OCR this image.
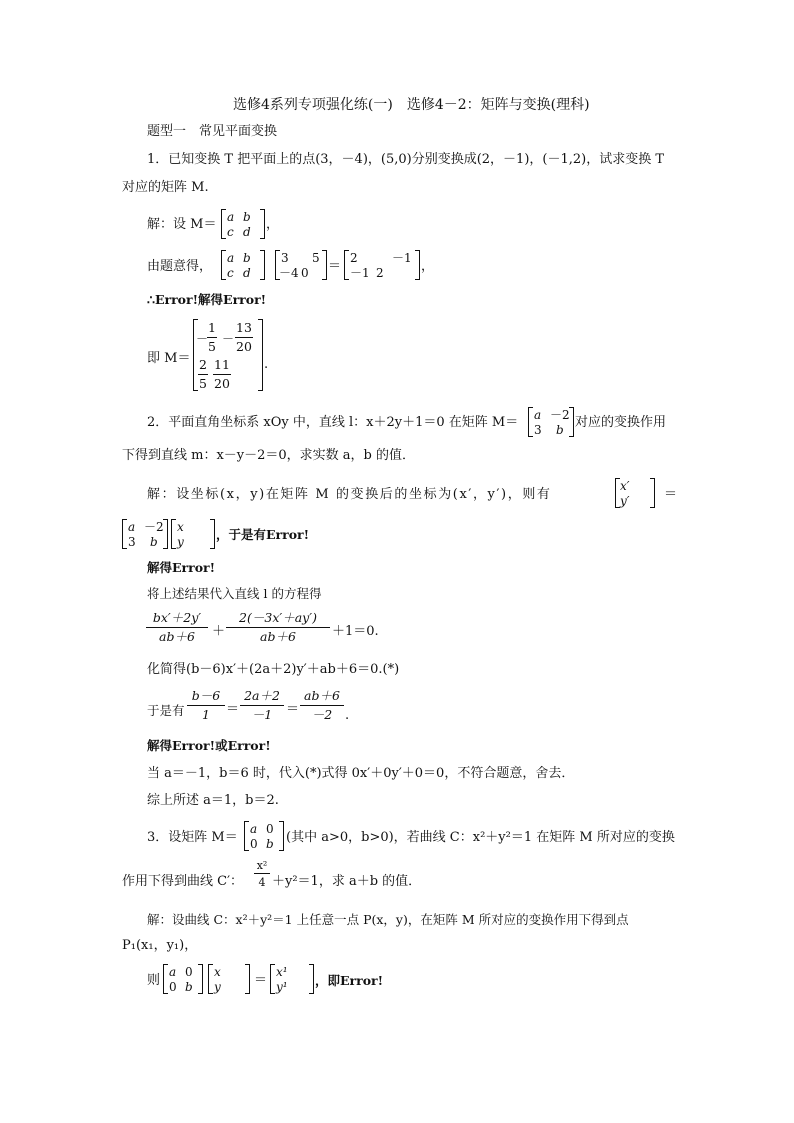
选修4系列专项强化练(一)　选修4－2：矩阵与变换(理科)
题型一　常见平面变换
1．已知变换 T 把平面上的点(3，－4)，(5,0)分别变换成(2，－1)，(－1,2)，试求变换 T
对应的矩阵 M.
解：设 M＝ a b
c d ，
由题意得，
a b
c d
3 5
－4 0 ＝
2	－1
－1 2	，
∴Error!解得Error!
即 M＝
－
$\frac{1}{5} - \frac{13}{20}$
$\frac{2}{5} \frac{11}{20}$	.
2．平面直角坐标系 xOy 中，直线 l：x＋2y＋1＝0 在矩阵 M＝ a －2
3 b 对应的变换作用
下得到直线 m：x－y－2＝0，求实数 a，b 的值．
解：设坐标(x，y)在矩阵 M 的变换后的坐标为(x′，y′)，则有
x′
y′	＝
a －2
3 b
x
y	，于是有Error!
解得Error!
将上述结果代入直线 l 的方程得
$\frac{bx'+2y'}{ab+6} + \frac{2(-3x'+ay')}{ab+6} +1=0$.
化简得(b－6)x′＋(2a＋2)y′＋ab＋6＝0.(*)
于是有 $\frac{b-6}{1} = \frac{2a+2}{-1} = \frac{ab+6}{-2}$ .
解得Error!或Error!
当 a＝－1，b＝6 时，代入(*)式得 0x′＋0y′＋0＝0，不符合题意，舍去．
综上所述 a＝1，b＝2.
3．设矩阵 M＝
a 0
0 b (其中 a>0，b>0)，若曲线 C：x²＋y²＝1 在矩阵 M 所对应的变换
作用下得到曲线 C′： $\frac{\text{x²}}{4} +y^2=1$，求 a＋b 的值．
解：设曲线 C：x²＋y²＝1 上任意一点 P(x，y)，在矩阵 M 所对应的变换作用下得到点
P₁(x₁，y₁)，
则
a 0
0 b
x
y	＝
x¹
y¹ ，即Error!
